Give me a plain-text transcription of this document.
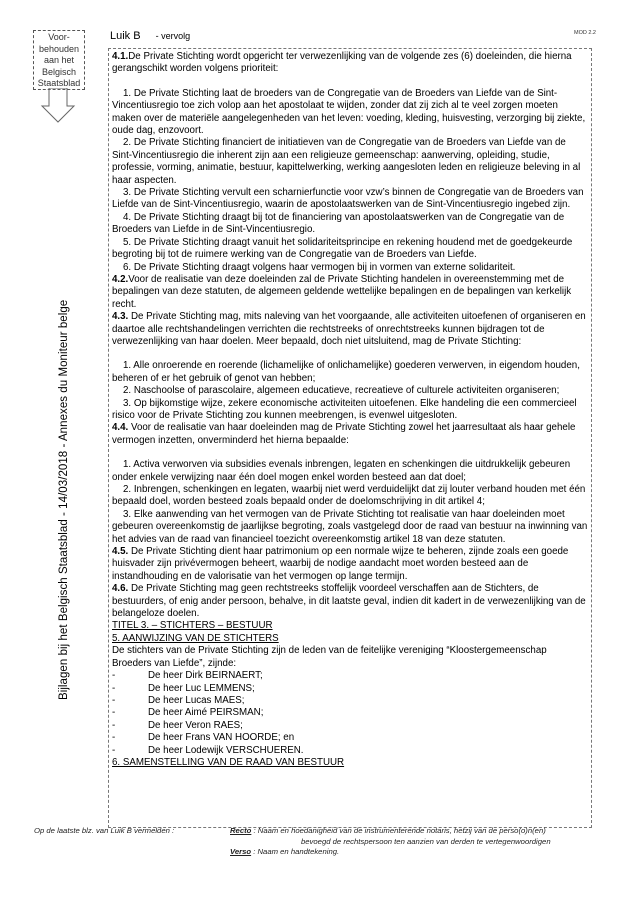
Voor-
behouden
aan het
Belgisch
Staatsblad
Bijlagen bij het Belgisch Staatsblad - 14/03/2018 - Annexes du Moniteur belge
MOD 2.2
Luik B - vervolg

4.1.De Private Stichting wordt opgericht ter verwezenlijking van de volgende zes (6) doeleinden, die hierna gerangschikt worden volgens prioriteit:

1. De Private Stichting laat de broeders van de Congregatie van de Broeders van Liefde van de Sint-Vincentiusregio toe zich volop aan het apostolaat te wijden, zonder dat zij zich al te veel zorgen moeten maken over de materiële aangelegenheden van het leven: voeding, kleding, huisvesting, verzorging bij ziekte, oude dag, enzovoort.

2. De Private Stichting financiert de initiatieven van de Congregatie van de Broeders van Liefde van de Sint-Vincentiusregio die inherent zijn aan een religieuze gemeenschap: aanwerving, opleiding, studie, professie, vorming, animatie, bestuur, kapittelwerking, werking aangesloten leden en religieuze beleving in al haar aspecten.

3. De Private Stichting vervult een scharnierfunctie voor vzw’s binnen de Congregatie van de Broeders van Liefde van de Sint-Vincentiusregio, waarin de apostolaatswerken van de Sint-Vincentiusregio ingebed zijn.

4. De Private Stichting draagt bij tot de financiering van apostolaatswerken van de Congregatie van de Broeders van Liefde in de Sint-Vincentiusregio.

5. De Private Stichting draagt vanuit het solidariteitsprincipe en rekening houdend met de goedgekeurde begroting bij tot de ruimere werking van de Congregatie van de Broeders van Liefde.

6. De Private Stichting draagt volgens haar vermogen bij in vormen van externe solidariteit.

4.2.Voor de realisatie van deze doeleinden zal de Private Stichting handelen in overeenstemming met de bepalingen van deze statuten, de algemeen geldende wettelijke bepalingen en de bepalingen van kerkelijk recht.

4.3. De Private Stichting mag, mits naleving van het voorgaande, alle activiteiten uitoefenen of organiseren en daartoe alle rechtshandelingen verrichten die rechtstreeks of onrechtstreeks kunnen bijdragen tot de verwezenlijking van haar doelen. Meer bepaald, doch niet uitsluitend, mag de Private Stichting:

1. Alle onroerende en roerende (lichamelijke of onlichamelijke) goederen verwerven, in eigendom houden, beheren of er het gebruik of genot van hebben;

2. Naschoolse of parascolaire, algemeen educatieve, recreatieve of culturele activiteiten organiseren;

3. Op bijkomstige wijze, zekere economische activiteiten uitoefenen. Elke handeling die een commercieel risico voor de Private Stichting zou kunnen meebrengen, is evenwel uitgesloten.

4.4. Voor de realisatie van haar doeleinden mag de Private Stichting zowel het jaarresultaat als haar gehele vermogen inzetten, onverminderd het hierna bepaalde:

1. Activa verworven via subsidies evenals inbrengen, legaten en schenkingen die uitdrukkelijk gebeuren onder enkele verwijzing naar één doel mogen enkel worden besteed aan dat doel;

2. Inbrengen, schenkingen en legaten, waarbij niet werd verduidelijkt dat zij louter verband houden met één bepaald doel, worden besteed zoals bepaald onder de doelomschrijving in dit artikel 4;

3. Elke aanwending van het vermogen van de Private Stichting tot realisatie van haar doeleinden moet gebeuren overeenkomstig de jaarlijkse begroting, zoals vastgelegd door de raad van bestuur na inwinning van het advies van de raad van financieel toezicht overeenkomstig artikel 18 van deze statuten.

4.5. De Private Stichting dient haar patrimonium op een normale wijze te beheren, zijnde zoals een goede huisvader zijn privévermogen beheert, waarbij de nodige aandacht moet worden besteed aan de instandhouding en de valorisatie van het vermogen op lange termijn.

4.6. De Private Stichting mag geen rechtstreeks stoffelijk voordeel verschaffen aan de Stichters, de bestuurders, of enig ander persoon, behalve, in dit laatste geval, indien dit kadert in de verwezenlijking van de belangeloze doelen.

TITEL 3. – STICHTERS – BESTUUR

5. AANWIJZING VAN DE STICHTERS

De stichters van de Private Stichting zijn de leden van de feitelijke vereniging “Kloostergemeenschap Broeders van Liefde”, zijnde:

-	De heer Dirk BEIRNAERT;
-	De heer Luc LEMMENS;
-	De heer Lucas MAES;
-	De heer Aimé PEIRSMAN;
-	De heer Veron RAES;
-	De heer Frans VAN HOORDE; en
-	De heer Lodewijk VERSCHUEREN.

6. SAMENSTELLING VAN DE RAAD VAN BESTUUR

Op de laatste blz. van Luik B vermelden :	Recto : Naam en hoedanigheid van de instrumenterende notaris, hetzij van de perso(o)n(en)
bevoegd de rechtspersoon ten aanzien van derden te vertegenwoordigen
Verso : Naam en handtekening.
